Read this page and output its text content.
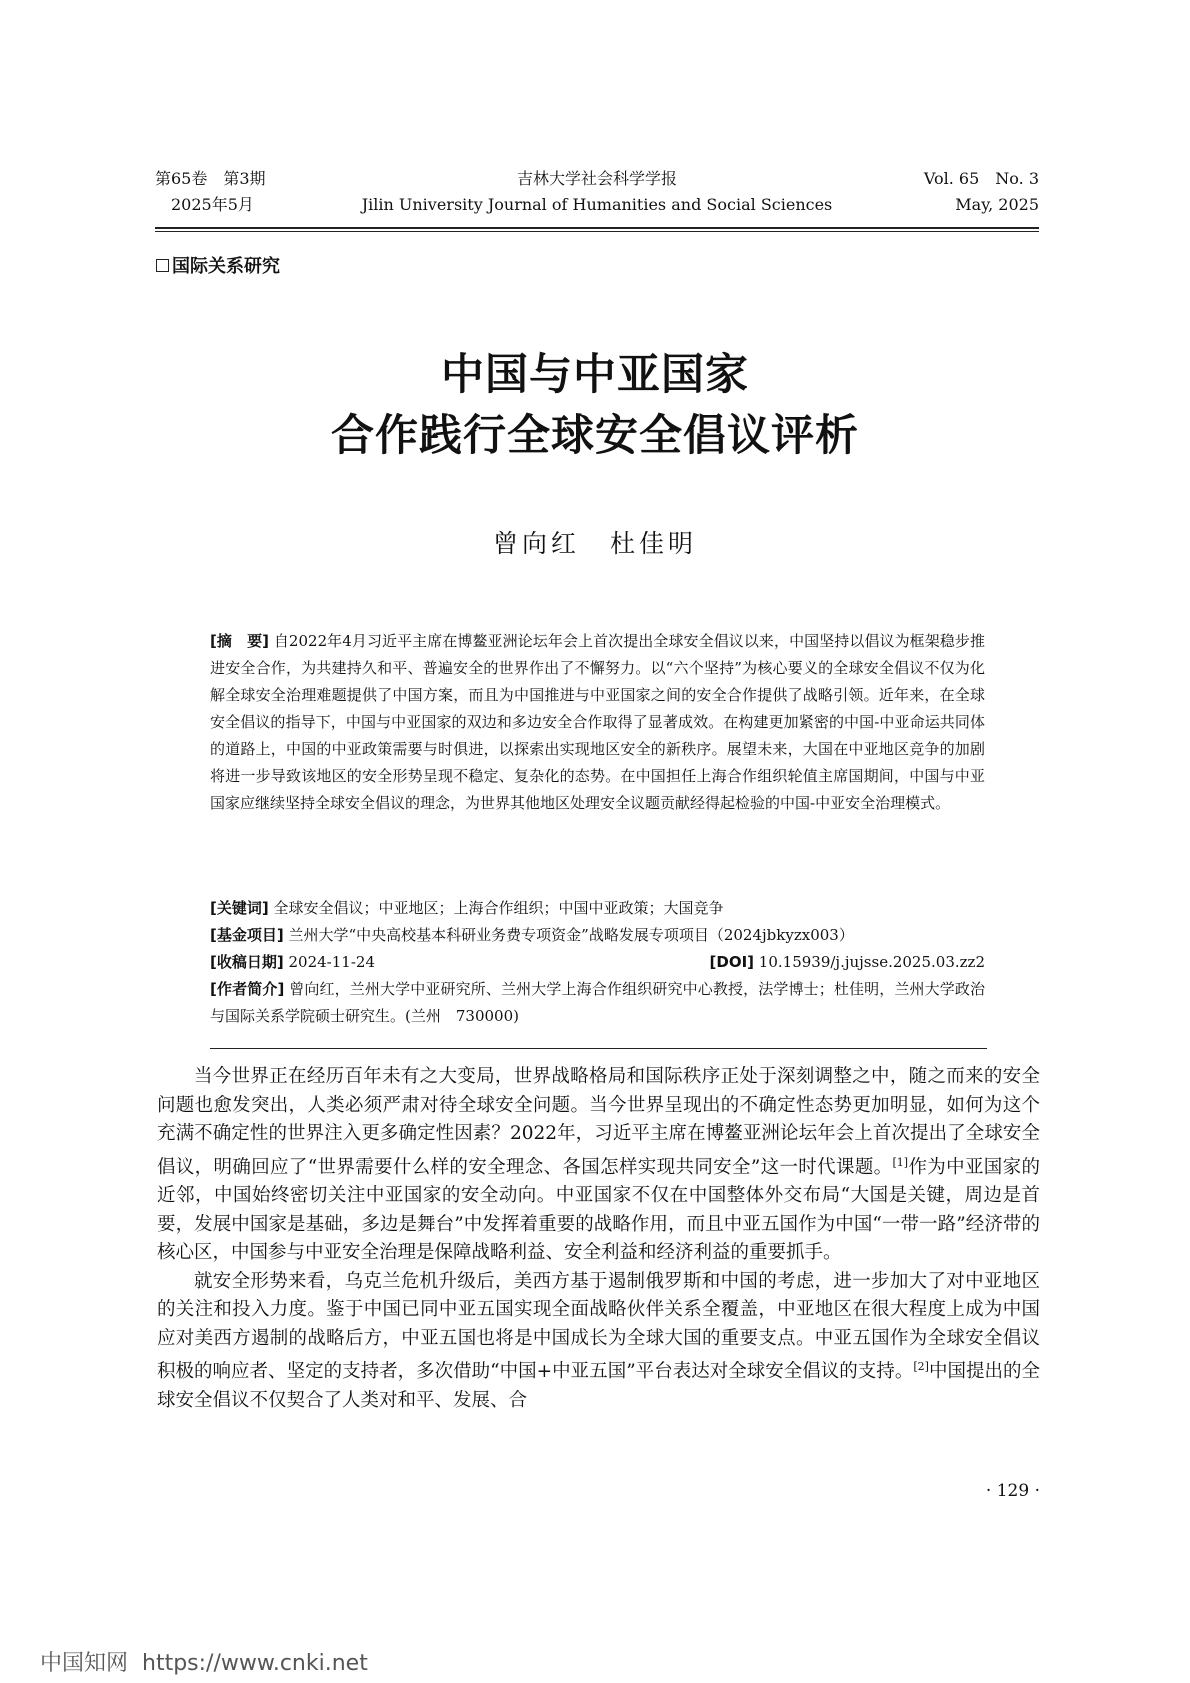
第65卷　第3期
2025年5月
吉林大学社会科学学报
Jilin University Journal of Humanities and Social Sciences
Vol. 65　No. 3
May, 2025
国际关系研究
中国与中亚国家
合作践行全球安全倡议评析
曾向红 杜佳明

[摘　要] 自2022年4月习近平主席在博鳌亚洲论坛年会上首次提出全球安全倡议以来，中国坚持以倡议为框架稳步推进安全合作，为共建持久和平、普遍安全的世界作出了不懈努力。以“六个坚持”为核心要义的全球安全倡议不仅为化解全球安全治理难题提供了中国方案，而且为中国推进与中亚国家之间的安全合作提供了战略引领。近年来，在全球安全倡议的指导下，中国与中亚国家的双边和多边安全合作取得了显著成效。在构建更加紧密的中国-中亚命运共同体的道路上，中国的中亚政策需要与时俱进，以探索出实现地区安全的新秩序。展望未来，大国在中亚地区竞争的加剧将进一步导致该地区的安全形势呈现不稳定、复杂化的态势。在中国担任上海合作组织轮值主席国期间，中国与中亚国家应继续坚持全球安全倡议的理念，为世界其他地区处理安全议题贡献经得起检验的中国-中亚安全治理模式。

[关键词] 全球安全倡议；中亚地区；上海合作组织；中国中亚政策；大国竞争

[基金项目] 兰州大学“中央高校基本科研业务费专项资金”战略发展专项项目（2024jbkyzx003）

[收稿日期] 2024-11-24	[DOI] 10.15939/j.jujsse.2025.03.zz2

[作者简介] 曾向红，兰州大学中亚研究所、兰州大学上海合作组织研究中心教授，法学博士；杜佳明，兰州大学政治与国际关系学院硕士研究生。(兰州　730000)

当今世界正在经历百年未有之大变局，世界战略格局和国际秩序正处于深刻调整之中，随之而来的安全问题也愈发突出，人类必须严肃对待全球安全问题。当今世界呈现出的不确定性态势更加明显，如何为这个充满不确定性的世界注入更多确定性因素？2022年，习近平主席在博鳌亚洲论坛年会上首次提出了全球安全倡议，明确回应了“世界需要什么样的安全理念、各国怎样实现共同安全”这一时代课题。[1]作为中亚国家的近邻，中国始终密切关注中亚国家的安全动向。中亚国家不仅在中国整体外交布局“大国是关键，周边是首要，发展中国家是基础，多边是舞台”中发挥着重要的战略作用，而且中亚五国作为中国“一带一路”经济带的核心区，中国参与中亚安全治理是保障战略利益、安全利益和经济利益的重要抓手。

就安全形势来看，乌克兰危机升级后，美西方基于遏制俄罗斯和中国的考虑，进一步加大了对中亚地区的关注和投入力度。鉴于中国已同中亚五国实现全面战略伙伴关系全覆盖，中亚地区在很大程度上成为中国应对美西方遏制的战略后方，中亚五国也将是中国成长为全球大国的重要支点。中亚五国作为全球安全倡议积极的响应者、坚定的支持者，多次借助“中国+中亚五国”平台表达对全球安全倡议的支持。[2]中国提出的全球安全倡议不仅契合了人类对和平、发展、合

· 129 ·
中国知网 https://www.cnki.net
